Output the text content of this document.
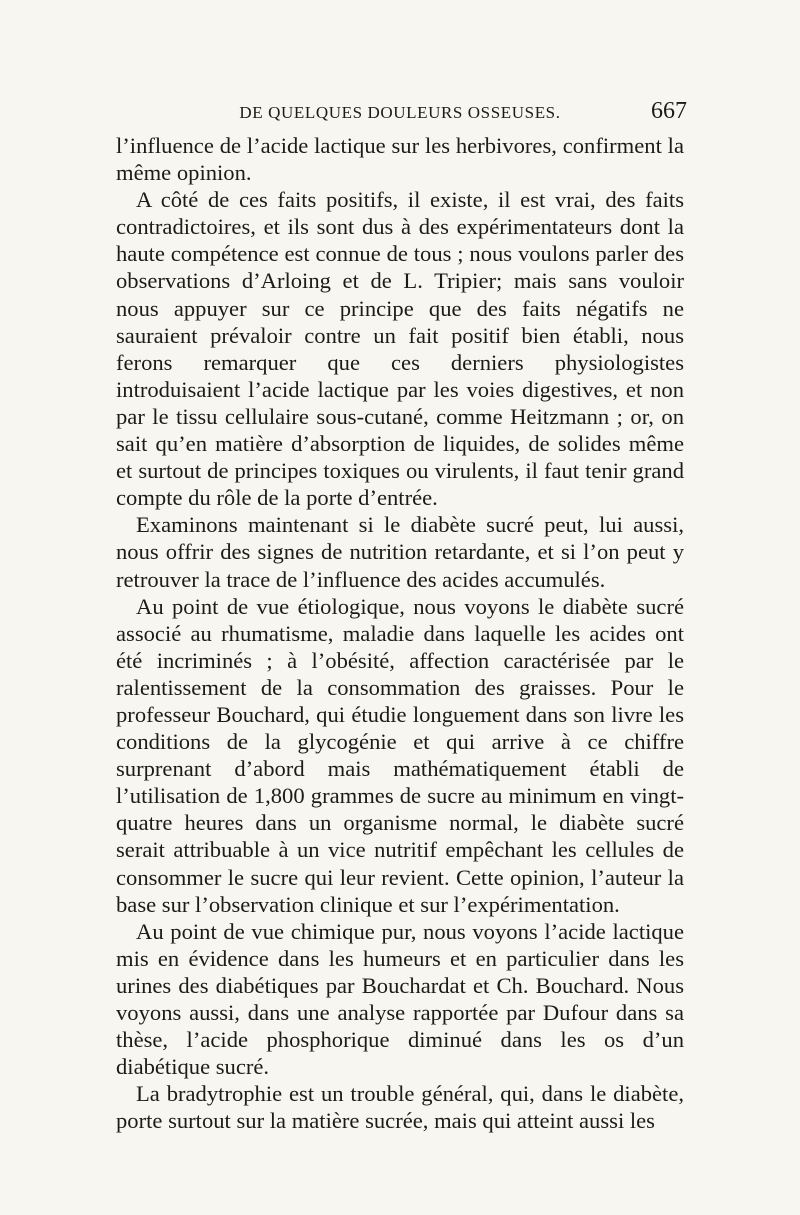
DE QUELQUES DOULEURS OSSEUSES.	667

l’influence de l’acide lactique sur les herbivores, confirment la même opinion.

A côté de ces faits positifs, il existe, il est vrai, des faits contradictoires, et ils sont dus à des expérimentateurs dont la haute compétence est connue de tous ; nous voulons parler des observations d’Arloing et de L. Tripier; mais sans vouloir nous appuyer sur ce principe que des faits négatifs ne sauraient prévaloir contre un fait positif bien établi, nous ferons remarquer que ces derniers physiologistes introduisaient l’acide lactique par les voies digestives, et non par le tissu cellulaire sous-cutané, comme Heitzmann ; or, on sait qu’en matière d’absorption de liquides, de solides même et surtout de principes toxiques ou virulents, il faut tenir grand compte du rôle de la porte d’entrée.

Examinons maintenant si le diabète sucré peut, lui aussi, nous offrir des signes de nutrition retardante, et si l’on peut y retrouver la trace de l’influence des acides accumulés.

Au point de vue étiologique, nous voyons le diabète sucré associé au rhumatisme, maladie dans laquelle les acides ont été incriminés ; à l’obésité, affection caractérisée par le ralentissement de la consommation des graisses. Pour le professeur Bouchard, qui étudie longuement dans son livre les conditions de la glycogénie et qui arrive à ce chiffre surprenant d’abord mais mathématiquement établi de l’utilisation de 1,800 grammes de sucre au minimum en vingt-quatre heures dans un organisme normal, le diabète sucré serait attribuable à un vice nutritif empêchant les cellules de consommer le sucre qui leur revient. Cette opinion, l’auteur la base sur l’observation clinique et sur l’expérimentation.

Au point de vue chimique pur, nous voyons l’acide lactique mis en évidence dans les humeurs et en particulier dans les urines des diabétiques par Bouchardat et Ch. Bouchard. Nous voyons aussi, dans une analyse rapportée par Dufour dans sa thèse, l’acide phosphorique diminué dans les os d’un diabétique sucré.

La bradytrophie est un trouble général, qui, dans le diabète, porte surtout sur la matière sucrée, mais qui atteint aussi les
